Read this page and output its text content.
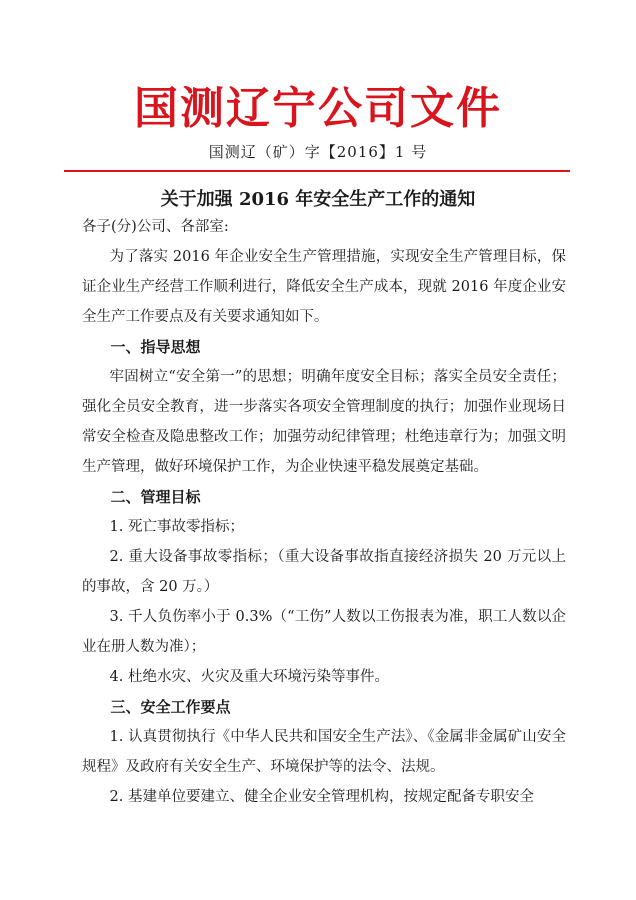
国测辽宁公司文件
国测辽（矿）字【2016】1 号
关于加强 2016 年安全生产工作的通知

各子(分)公司、各部室:

为了落实 2016 年企业安全生产管理措施，实现安全生产管理目标，保证企业生产经营工作顺利进行，降低安全生产成本，现就 2016 年度企业安全生产工作要点及有关要求通知如下。

一、指导思想

牢固树立“安全第一”的思想；明确年度安全目标；落实全员安全责任；强化全员安全教育，进一步落实各项安全管理制度的执行；加强作业现场日常安全检查及隐患整改工作；加强劳动纪律管理；杜绝违章行为；加强文明生产管理，做好环境保护工作，为企业快速平稳发展奠定基础。

二、管理目标

1. 死亡事故零指标；

2. 重大设备事故零指标；（重大设备事故指直接经济损失 20 万元以上的事故，含 20 万。）

3. 千人负伤率小于 0.3%（“工伤”人数以工伤报表为准，职工人数以企业在册人数为准）；

4. 杜绝水灾、火灾及重大环境污染等事件。

三、安全工作要点

1. 认真贯彻执行《中华人民共和国安全生产法》、《金属非金属矿山安全规程》及政府有关安全生产、环境保护等的法令、法规。

2. 基建单位要建立、健全企业安全管理机构，按规定配备专职安全
